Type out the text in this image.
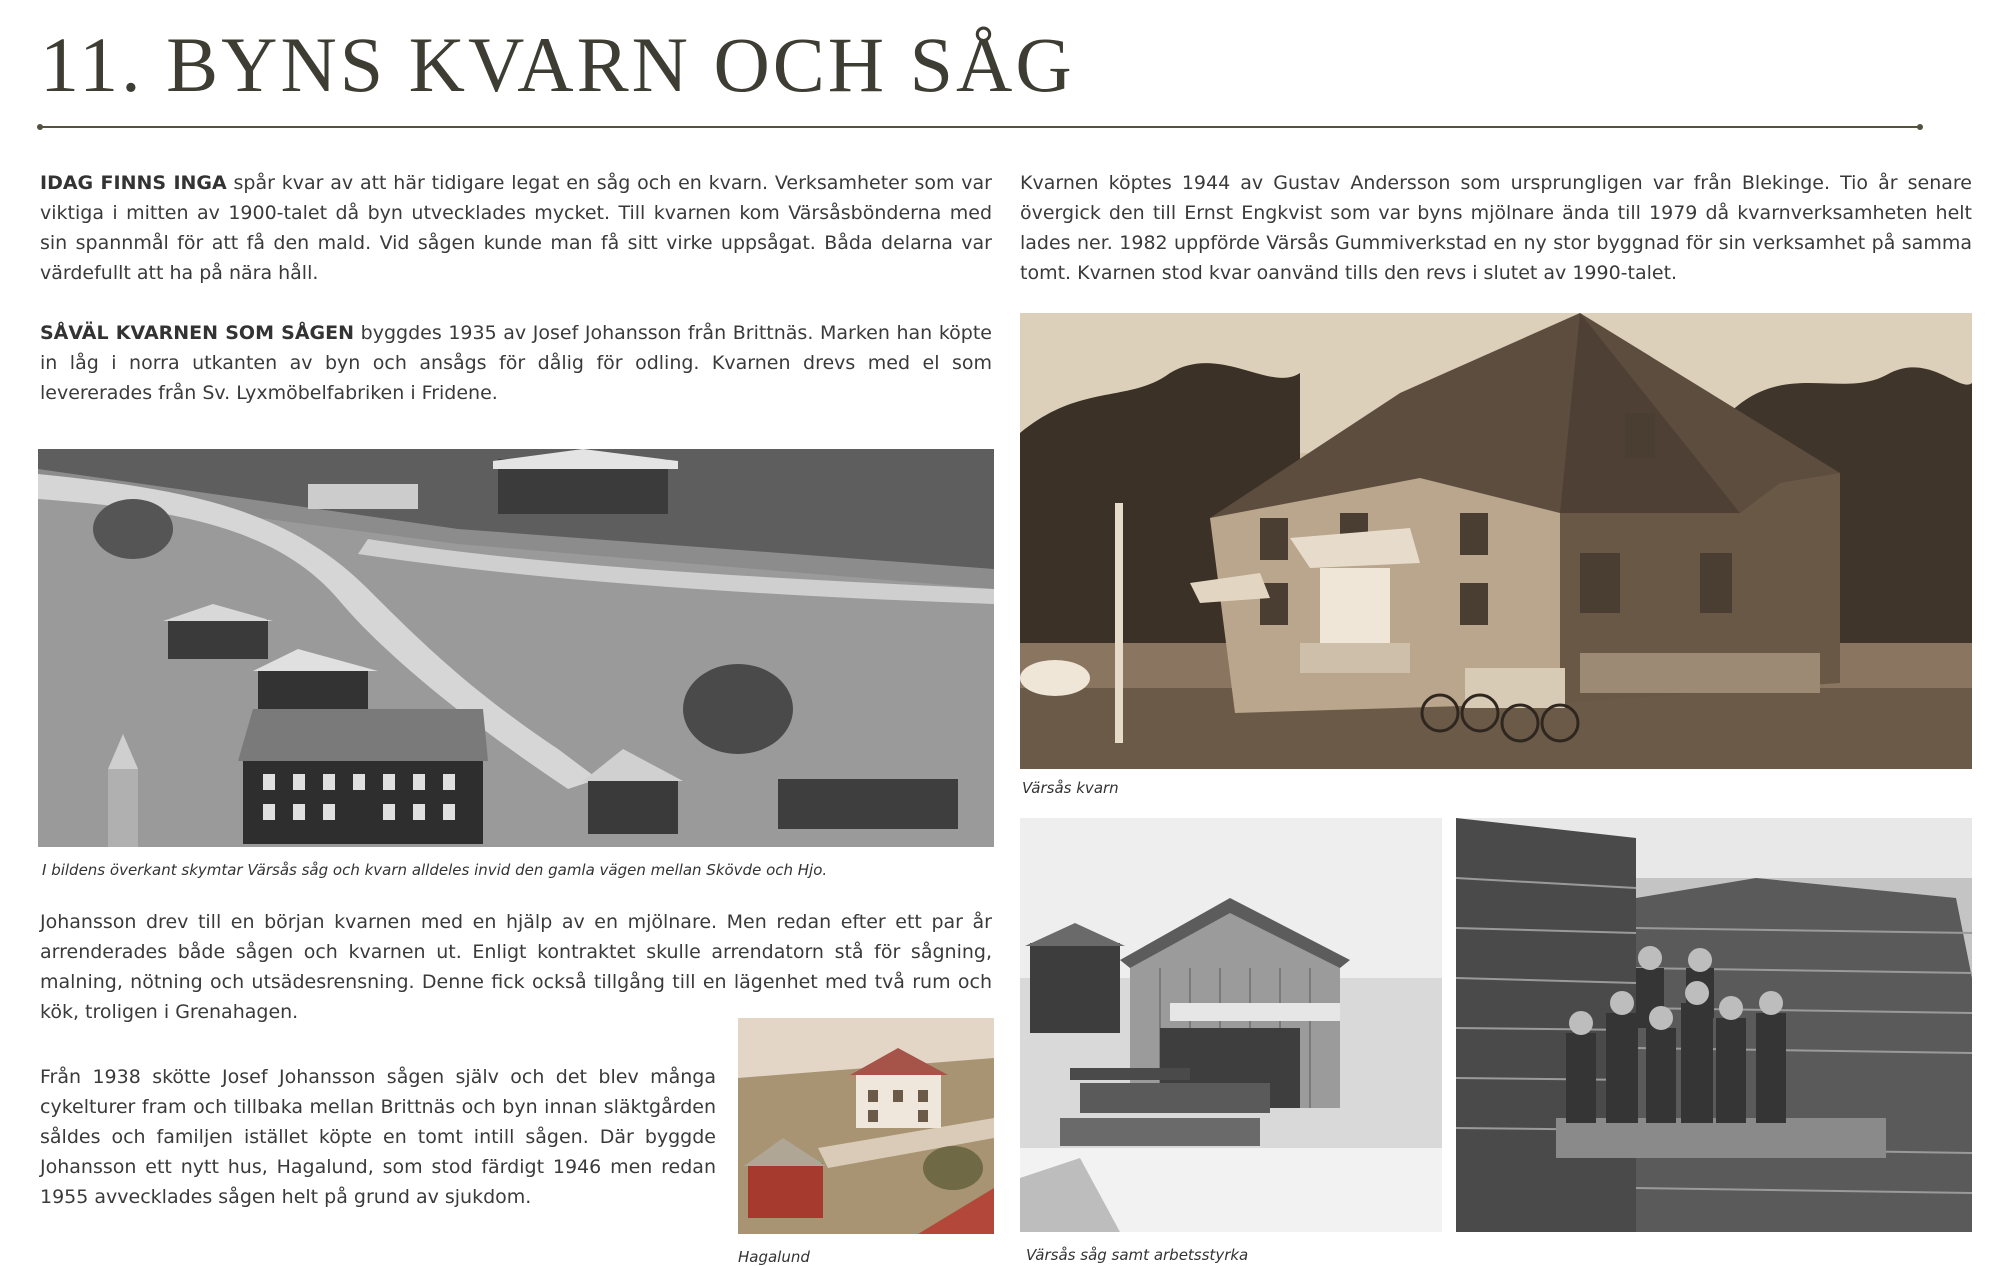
11. BYNS KVARN OCH SÅG

IDAG FINNS INGA spår kvar av att här tidigare legat en såg och en kvarn. Verksamheter som var viktiga i mitten av 1900-talet då byn utvecklades mycket. Till kvarnen kom Värsåsbönderna med sin spannmål för att få den mald. Vid sågen kunde man få sitt virke uppsågat. Båda delarna var värdefullt att ha på nära håll.

SÅVÄL KVARNEN SOM SÅGEN byggdes 1935 av Josef Johansson från Brittnäs. Marken han köpte in låg i norra utkanten av byn och ansågs för dålig för odling. Kvarnen drevs med el som levererades från Sv. Lyxmöbelfabriken i Fridene.

I bildens överkant skymtar Värsås såg och kvarn alldeles invid den gamla vägen mellan Skövde och Hjo.

Johansson drev till en början kvarnen med en hjälp av en mjölnare. Men redan efter ett par år arrenderades både sågen och kvarnen ut. Enligt kontraktet skulle arrendatorn stå för sågning, malning, nötning och utsädesrensning. Denne fick också tillgång till en lägenhet med två rum och kök, troligen i Grenahagen.

Från 1938 skötte Josef Johansson sågen själv och det blev många cykelturer fram och tillbaka mellan Brittnäs och byn innan släktgården såldes och familjen istället köpte en tomt intill sågen. Där byggde Johansson ett nytt hus, Hagalund, som stod färdigt 1946 men redan 1955 avvecklades sågen helt på grund av sjukdom.

Hagalund

Kvarnen köptes 1944 av Gustav Andersson som ursprungligen var från Blekinge. Tio år senare övergick den till Ernst Engkvist som var byns mjölnare ända till 1979 då kvarnverksamheten helt lades ner. 1982 uppförde Värsås Gummiverkstad en ny stor byggnad för sin verksamhet på samma tomt. Kvarnen stod kvar oanvänd tills den revs i slutet av 1990-talet.

Värsås kvarn

Värsås såg samt arbetsstyrka
